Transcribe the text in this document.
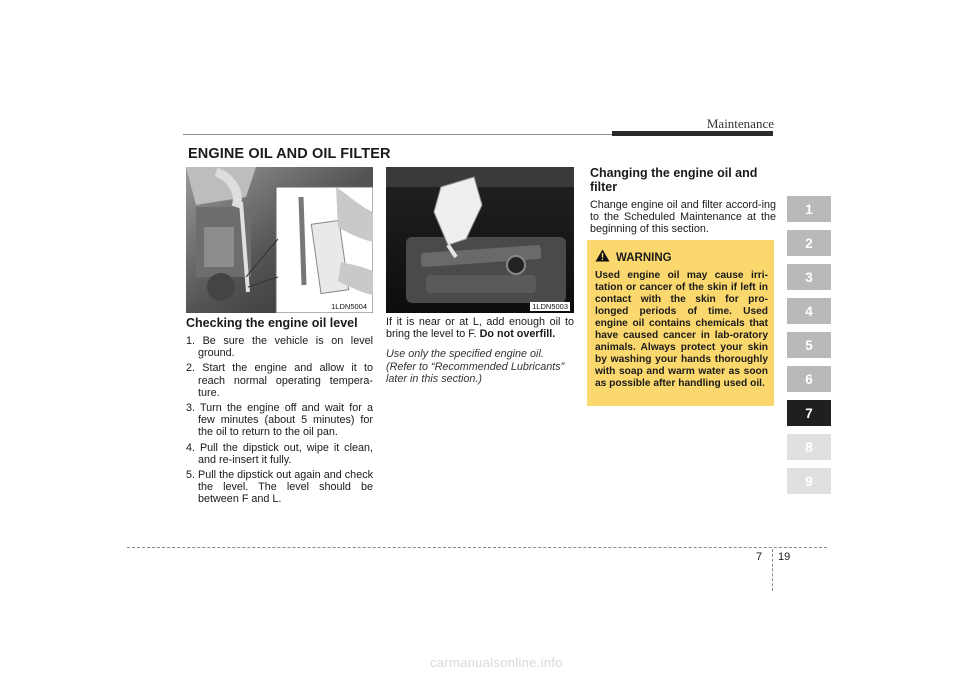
Maintenance
ENGINE OIL AND OIL FILTER
1LDN5004	1LDN5003
Checking the engine oil level
1. Be sure the vehicle is on level ground.
2. Start the engine and allow it to reach normal operating tempera-ture.
3. Turn the engine off and wait for a few minutes (about 5 minutes) for the oil to return to the oil pan.
4. Pull the dipstick out, wipe it clean, and re-insert it fully.
5. Pull the dipstick out again and check the level. The level should be between F and L.

If it is near or at L, add enough oil to bring the level to F. Do not overfill.

Use only the specified engine oil. (Refer to “Recommended Lubricants” later in this section.)

Changing the engine oil and filter

Change engine oil and filter accord-ing to the Scheduled Maintenance at the beginning of this section.

WARNING
Used engine oil may cause irri-tation or cancer of the skin if left in contact with the skin for pro-longed periods of time. Used engine oil contains chemicals that have caused cancer in lab-oratory animals. Always protect your skin by washing your hands thoroughly with soap and warm water as soon as possible after handling used oil.
1
2
3
4
5
6
7
8
9
7 19
carmanualsonline.info
